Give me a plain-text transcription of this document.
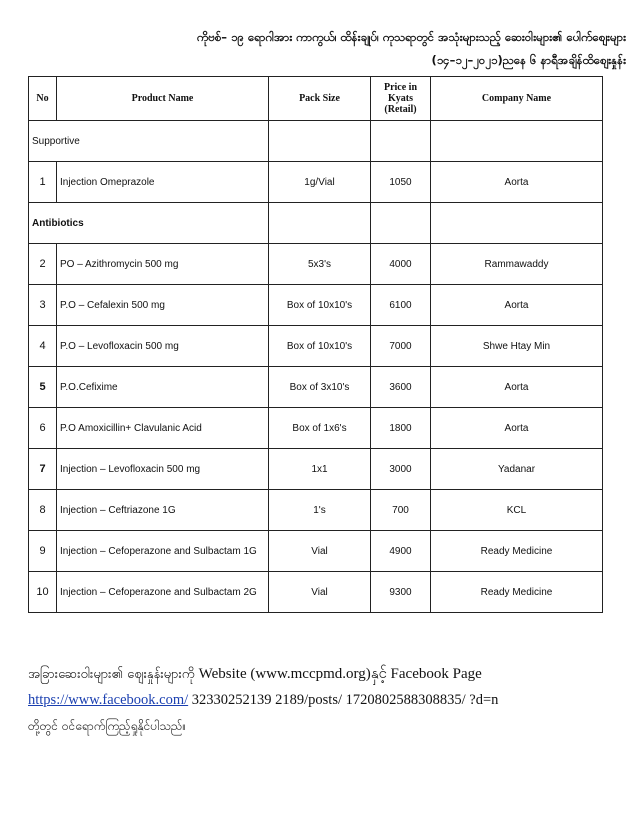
ကိုဗစ်– ၁၉ ရောဂါအား ကာကွယ်၊ ထိန်းချုပ်၊ ကုသရာတွင် အသုံးများသည့် ဆေးဝါးများ၏ ပေါက်စျေးများ
(၁၄–၁၂–၂၀၂၁)ညနေ ၆ နာရီအချိန်ထိစျေးနှုန်း
No	Product Name	Pack Size	Price in Kyats (Retail)	Company Name
Supportive				
1	Injection Omeprazole	1g/Vial	1050	Aorta
Antibiotics				
2	PO – Azithromycin 500 mg	5x3's	4000	Rammawaddy
3	P.O – Cefalexin 500 mg	Box of 10x10's	6100	Aorta
4	P.O – Levofloxacin 500 mg	Box of 10x10's	7000	Shwe Htay Min
5	P.O.Cefixime	Box of 3x10's	3600	Aorta
6	P.O Amoxicillin+ Clavulanic Acid	Box of 1x6's	1800	Aorta
7	Injection – Levofloxacin 500 mg	1x1	3000	Yadanar
8	Injection – Ceftriazone 1G	1's	700	KCL
9	Injection – Cefoperazone and Sulbactam 1G	Vial	4900	Ready Medicine
10	Injection – Cefoperazone and Sulbactam 2G	Vial	9300	Ready Medicine
အခြားဆေးဝါးများ၏ စျေးနှုန်းများကို Website (www.mccpmd.org)နှင့် Facebook Page
https://www.facebook.com/ 32330252139 2189/posts/ 1720802588308835/ ?d=n
တို့တွင် ဝင်ရောက်ကြည့်ရှုနိုင်ပါသည်။
